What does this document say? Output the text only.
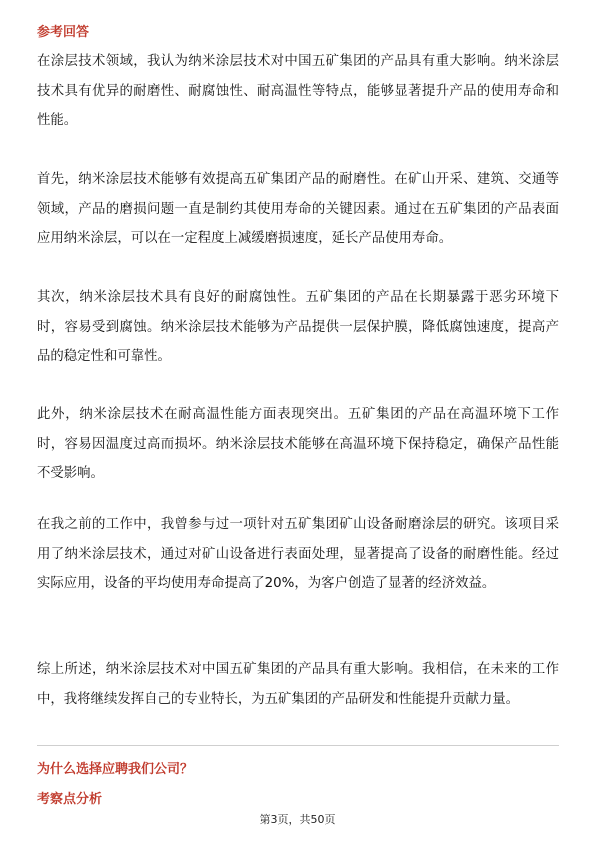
参考回答
在涂层技术领域，我认为纳米涂层技术对中国五矿集团的产品具有重大影响。纳米涂层技术具有优异的耐磨性、耐腐蚀性、耐高温性等特点，能够显著提升产品的使用寿命和性能。
首先，纳米涂层技术能够有效提高五矿集团产品的耐磨性。在矿山开采、建筑、交通等领域，产品的磨损问题一直是制约其使用寿命的关键因素。通过在五矿集团的产品表面应用纳米涂层，可以在一定程度上减缓磨损速度，延长产品使用寿命。
其次，纳米涂层技术具有良好的耐腐蚀性。五矿集团的产品在长期暴露于恶劣环境下时，容易受到腐蚀。纳米涂层技术能够为产品提供一层保护膜，降低腐蚀速度，提高产品的稳定性和可靠性。
此外，纳米涂层技术在耐高温性能方面表现突出。五矿集团的产品在高温环境下工作时，容易因温度过高而损坏。纳米涂层技术能够在高温环境下保持稳定，确保产品性能不受影响。
在我之前的工作中，我曾参与过一项针对五矿集团矿山设备耐磨涂层的研究。该项目采用了纳米涂层技术，通过对矿山设备进行表面处理，显著提高了设备的耐磨性能。经过实际应用，设备的平均使用寿命提高了20%，为客户创造了显著的经济效益。
综上所述，纳米涂层技术对中国五矿集团的产品具有重大影响。我相信，在未来的工作中，我将继续发挥自己的专业特长，为五矿集团的产品研发和性能提升贡献力量。
为什么选择应聘我们公司？
考察点分析
第3页，共50页
